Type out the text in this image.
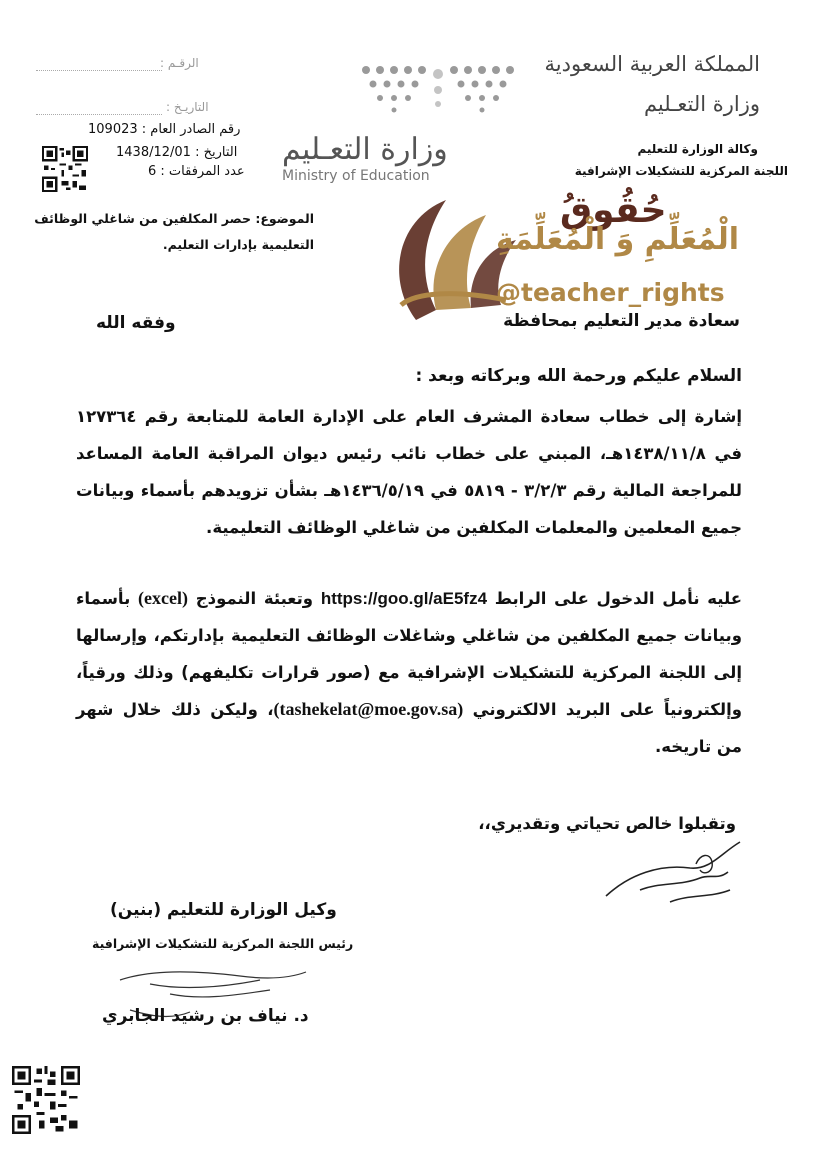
المملكة العربية السعودية
وزارة التعـليم
وكالة الوزارة للتعليم
اللجنة المركزية للتشكيلات الإشرافية
وزارة التعـليم
Ministry of Education
الرقـم :
التاريـخ :
رقم الصادر العام : 109023
التاريخ : 1438/12/01
عدد المرفقات : 6
الموضوع: حصر المكلفين من شاغلي الوظائف
التعليمية بإدارات التعليم.
حُقُوقُ
الْمُعَلِّمِ وَ الْمُعَلِّمَةِ
@teacher_rights
سعادة مدير التعليم بمحافظة
وفقه الله
السلام عليكم ورحمة الله وبركاته وبعد :
إشارة إلى خطاب سعادة المشرف العام على الإدارة العامة للمتابعة رقم ١٢٧٣٦٤ في ١٤٣٨/١١/٨هـ، المبني على خطاب نائب رئيس ديوان المراقبة العامة المساعد للمراجعة المالية رقم ٣/٢/٣ - ٥٨١٩ في ١٤٣٦/٥/١٩هـ بشأن تزويدهم بأسماء وبيانات جميع المعلمين والمعلمات المكلفين من شاغلي الوظائف التعليمية.
عليه نأمل الدخول على الرابط https://goo.gl/aE5fz4 وتعبئة النموذج (excel) بأسماء وبيانات جميع المكلفين من شاغلي وشاغلات الوظائف التعليمية بإدارتكم، وإرسالها إلى اللجنة المركزية للتشكيلات الإشرافية مع (صور قرارات تكليفهم) وذلك ورقياً، وإلكترونياً على البريد الالكتروني (tashekelat@moe.gov.sa)، وليكن ذلك خلال شهر من تاريخه.
وتقبلوا خالص تحياتي وتقديري،،
وكيل الوزارة للتعليم (بنين)
رئيس اللجنة المركزية للتشكيلات الإشرافية
د. نياف بن رشيد الجابري
